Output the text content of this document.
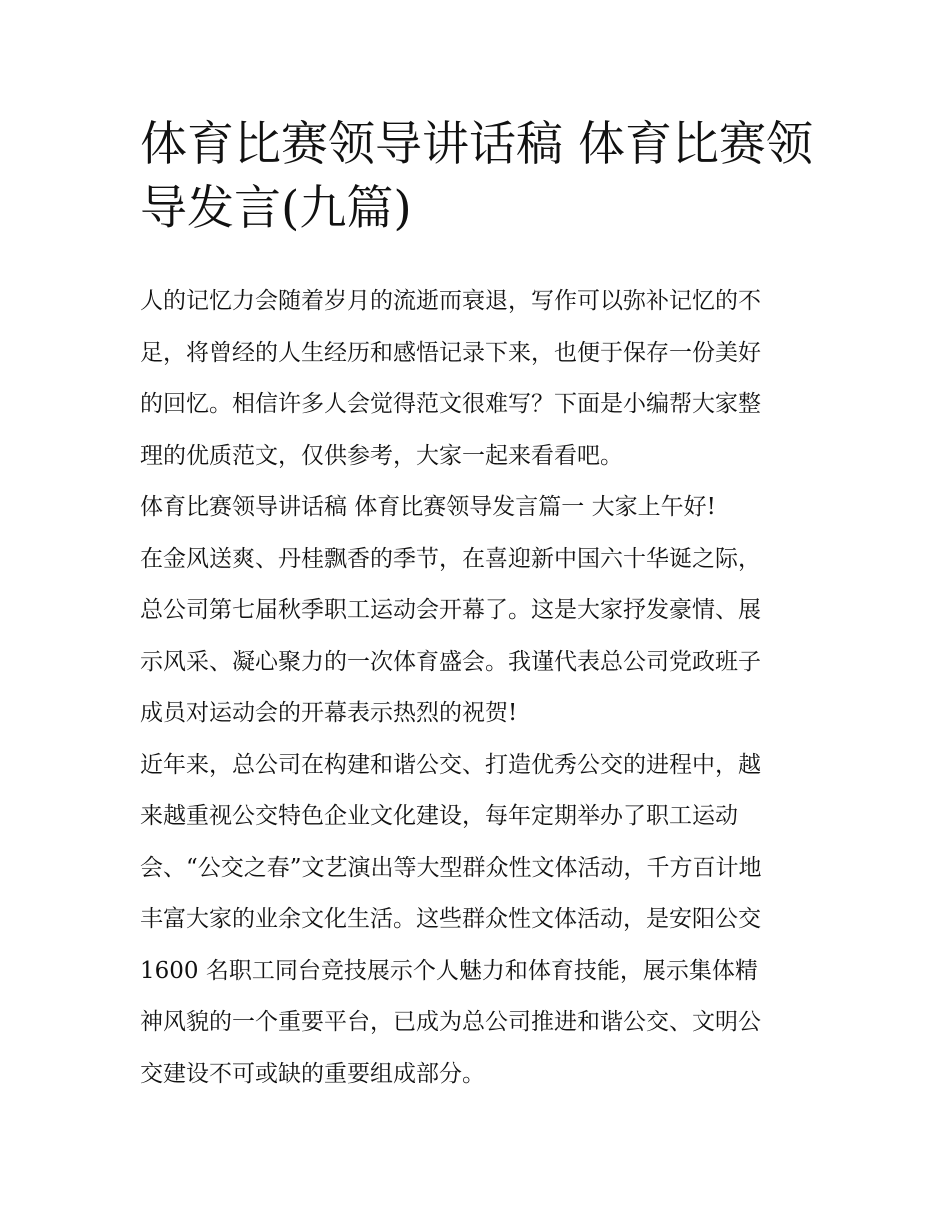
体育比赛领导讲话稿 体育比赛领导发言(九篇)

人的记忆力会随着岁月的流逝而衰退，写作可以弥补记忆的不

足，将曾经的人生经历和感悟记录下来，也便于保存一份美好

的回忆。相信许多人会觉得范文很难写？下面是小编帮大家整

理的优质范文，仅供参考，大家一起来看看吧。

体育比赛领导讲话稿 体育比赛领导发言篇一 大家上午好!

在金风送爽、丹桂飘香的季节，在喜迎新中国六十华诞之际，

总公司第七届秋季职工运动会开幕了。这是大家抒发豪情、展

示风采、凝心聚力的一次体育盛会。我谨代表总公司党政班子

成员对运动会的开幕表示热烈的祝贺!

近年来，总公司在构建和谐公交、打造优秀公交的进程中，越

来越重视公交特色企业文化建设，每年定期举办了职工运动

会、“公交之春”文艺演出等大型群众性文体活动，千方百计地

丰富大家的业余文化生活。这些群众性文体活动，是安阳公交

1600 名职工同台竞技展示个人魅力和体育技能，展示集体精

神风貌的一个重要平台，已成为总公司推进和谐公交、文明公

交建设不可或缺的重要组成部分。
